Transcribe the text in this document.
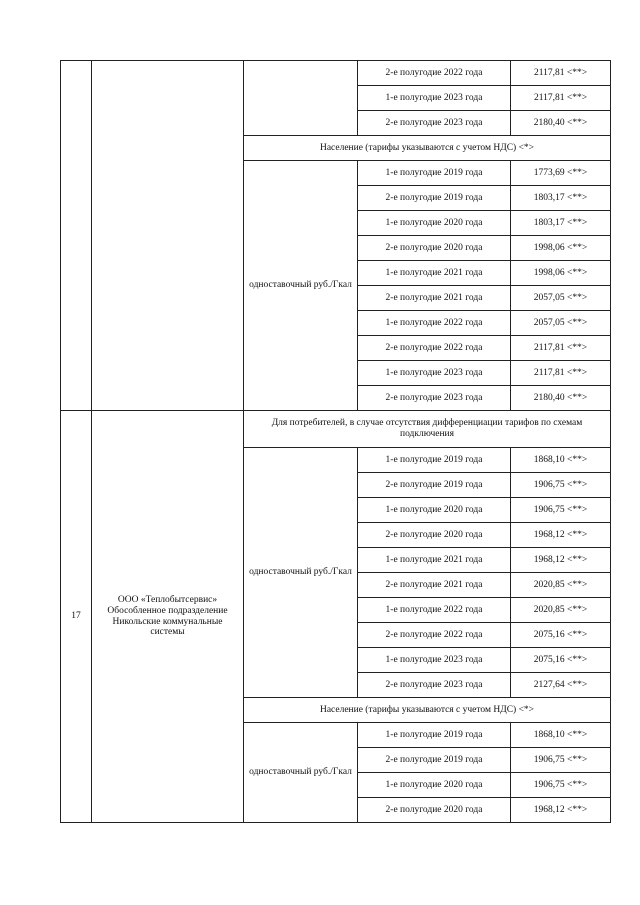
			2-е полугодие 2022 года	2117,81 <**>
			1-е полугодие 2023 года	2117,81 <**>
			2-е полугодие 2023 года	2180,40 <**>
		Население (тарифы указываются с учетом НДС) <*>		
		одноставочный руб./Гкал	1-е полугодие 2019 года	1773,69 <**>
			2-е полугодие 2019 года	1803,17 <**>
			1-е полугодие 2020 года	1803,17 <**>
			2-е полугодие 2020 года	1998,06 <**>
			1-е полугодие 2021 года	1998,06 <**>
			2-е полугодие 2021 года	2057,05 <**>
			1-е полугодие 2022 года	2057,05 <**>
			2-е полугодие 2022 года	2117,81 <**>
			1-е полугодие 2023 года	2117,81 <**>
			2-е полугодие 2023 года	2180,40 <**>
17	ООО «Теплобытсервис» Обособленное подразделение Никольские коммунальные системы	Для потребителей, в случае отсутствия дифференциации тарифов по схемам подключения		
		одноставочный руб./Гкал	1-е полугодие 2019 года	1868,10 <**>
			2-е полугодие 2019 года	1906,75 <**>
			1-е полугодие 2020 года	1906,75 <**>
			2-е полугодие 2020 года	1968,12 <**>
			1-е полугодие 2021 года	1968,12 <**>
			2-е полугодие 2021 года	2020,85 <**>
			1-е полугодие 2022 года	2020,85 <**>
			2-е полугодие 2022 года	2075,16 <**>
			1-е полугодие 2023 года	2075,16 <**>
			2-е полугодие 2023 года	2127,64 <**>
		Население (тарифы указываются с учетом НДС) <*>		
		одноставочный руб./Гкал	1-е полугодие 2019 года	1868,10 <**>
			2-е полугодие 2019 года	1906,75 <**>
			1-е полугодие 2020 года	1906,75 <**>
			2-е полугодие 2020 года	1968,12 <**>
